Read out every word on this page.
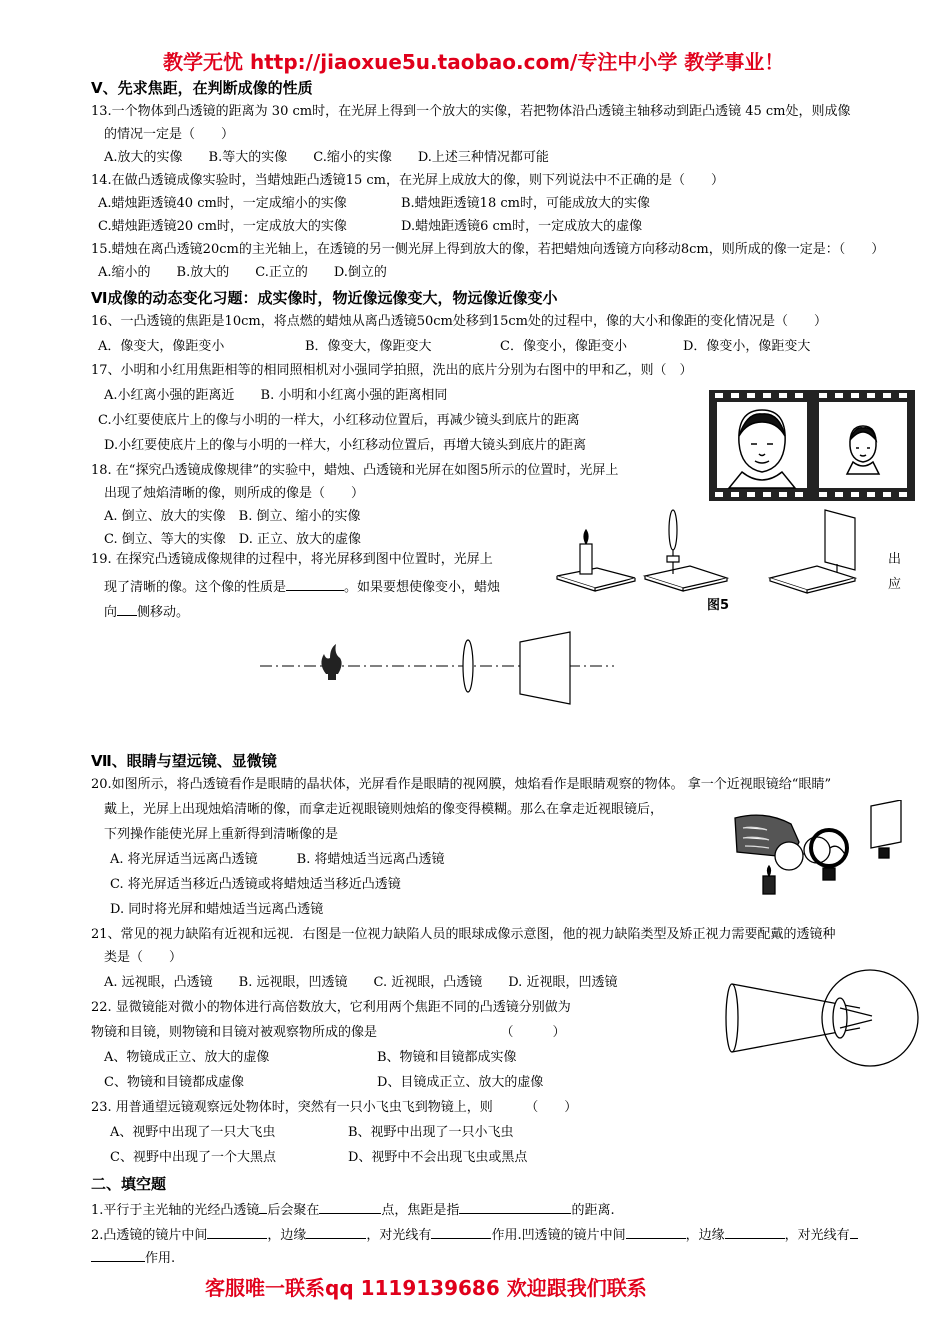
教学无忧 http://jiaoxue5u.taobao.com/专注中小学 教学事业！
Ⅴ、先求焦距，在判断成像的性质
13.一个物体到凸透镜的距离为 30 cm时，在光屏上得到一个放大的实像，若把物体沿凸透镜主轴移动到距凸透镜 45 cm处，则成像
的情况一定是（　　）
A.放大的实像　　B.等大的实像　　C.缩小的实像　　D.上述三种情况都可能
14.在做凸透镜成像实验时，当蜡烛距凸透镜15 cm，在光屏上成放大的像，则下列说法中不正确的是（　　）
A.蜡烛距透镜40 cm时，一定成缩小的实像	B.蜡烛距透镜18 cm时，可能成放大的实像
C.蜡烛距透镜20 cm时，一定成放大的实像	D.蜡烛距透镜6 cm时，一定成放大的虚像
15.蜡烛在离凸透镜20cm的主光轴上，在透镜的另一侧光屏上得到放大的像，若把蜡烛向透镜方向移动8cm，则所成的像一定是：（　　）
A.缩小的　　B.放大的　　C.正立的　　D.倒立的
Ⅵ成像的动态变化习题：成实像时，物近像远像变大，物远像近像变小
16、一凸透镜的焦距是10cm，将点燃的蜡烛从离凸透镜50cm处移到15cm处的过程中，像的大小和像距的变化情况是（　　）
A．像变大，像距变小	B．像变大，像距变大	C．像变小，像距变小	D．像变小，像距变大
17、小明和小红用焦距相等的相同照相机对小强同学拍照，洗出的底片分别为右图中的甲和乙，则（　）
A.小红离小强的距离近　　B. 小明和小红离小强的距离相同
C.小红要使底片上的像与小明的一样大，小红移动位置后，再减少镜头到底片的距离
D.小红要使底片上的像与小明的一样大，小红移动位置后，再增大镜头到底片的距离
18. 在“探究凸透镜成像规律”的实验中，蜡烛、凸透镜和光屏在如图5所示的位置时，光屏上
出现了烛焰清晰的像，则所成的像是（　　）
A. 倒立、放大的实像　B. 倒立、缩小的实像
C. 倒立、等大的实像　D. 正立、放大的虚像
图5
19. 在探究凸透镜成像规律的过程中，将光屏移到图中位置时，光屏上	出
现了清晰的像。这个像的性质是	。如果要想使像变小，蜡烛	应
向 侧移动。
Ⅶ、眼睛与望远镜、显微镜
20.如图所示，将凸透镜看作是眼睛的晶状体，光屏看作是眼睛的视网膜，烛焰看作是眼睛观察的物体。 拿一个近视眼镜给“眼睛”
戴上，光屏上出现烛焰清晰的像，而拿走近视眼镜则烛焰的像变得模糊。那么在拿走近视眼镜后，
下列操作能使光屏上重新得到清晰像的是
A. 将光屏适当远离凸透镜　　　B. 将蜡烛适当远离凸透镜
C. 将光屏适当移近凸透镜或将蜡烛适当移近凸透镜
D. 同时将光屏和蜡烛适当远离凸透镜
21、常见的视力缺陷有近视和远视．右图是一位视力缺陷人员的眼球成像示意图，他的视力缺陷类型及矫正视力需要配戴的透镜种
类是（　　）
A. 远视眼，凸透镜　　B. 远视眼，凹透镜　　C. 近视眼，凸透镜　　D. 近视眼，凹透镜
22. 显微镜能对微小的物体进行高倍数放大，它利用两个焦距不同的凸透镜分别做为
物镜和目镜，则物镜和目镜对被观察物所成的像是　　　　　　　　　　（　　　）
A、物镜成正立、放大的虚像	B、物镜和目镜都成实像
C、物镜和目镜都成虚像	D、目镜成正立、放大的虚像
23. 用普通望远镜观察远处物体时，突然有一只小飞虫飞到物镜上，则　　　（　　）
A、视野中出现了一只大飞虫	B、视野中出现了一只小飞虫
C、视野中出现了一个大黑点	D、视野中不会出现飞虫或黑点
二、填空题
1.平行于主光轴的光经凸透镜 后会聚在	点，焦距是指	的距离.
2.凸透镜的镜片中间	，边缘	，对光线有	作用.凹透镜的镜片中间	，边缘	，对光线有
作用.
客服唯一联系qq 1119139686 欢迎跟我们联系
